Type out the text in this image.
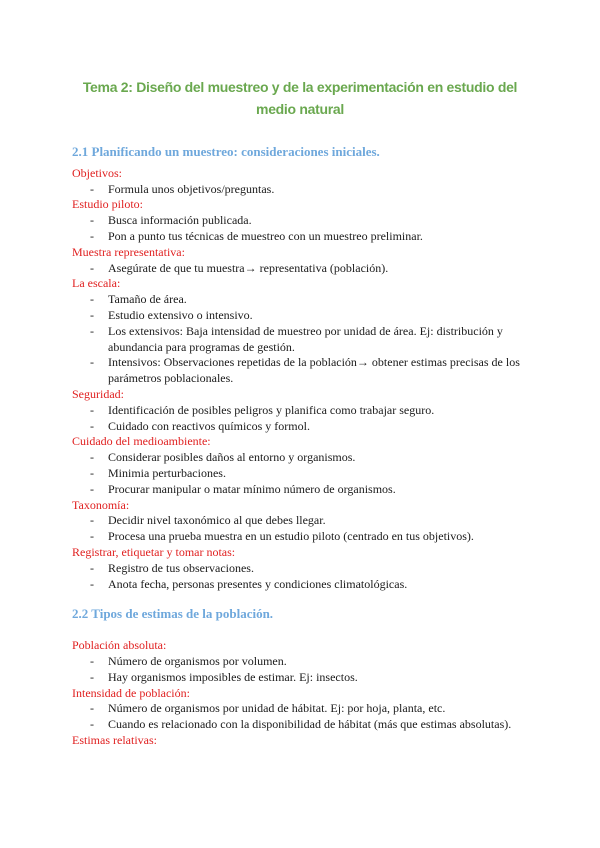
Tema 2: Diseño del muestreo y de la experimentación en estudio del medio natural
2.1 Planificando un muestreo: consideraciones iniciales.
Objetivos:
- Formula unos objetivos/preguntas.
Estudio piloto:
- Busca información publicada.
- Pon a punto tus técnicas de muestreo con un muestreo preliminar.
Muestra representativa:
- Asegúrate de que tu muestra→ representativa (población).
La escala:
- Tamaño de área.
- Estudio extensivo o intensivo.
- Los extensivos: Baja intensidad de muestreo por unidad de área. Ej: distribución y abundancia para programas de gestión.
- Intensivos: Observaciones repetidas de la población→ obtener estimas precisas de los parámetros poblacionales.
Seguridad:
- Identificación de posibles peligros y planifica como trabajar seguro.
- Cuidado con reactivos químicos y formol.
Cuidado del medioambiente:
- Considerar posibles daños al entorno y organismos.
- Minimia perturbaciones.
- Procurar manipular o matar mínimo número de organismos.
Taxonomía:
- Decidir nivel taxonómico al que debes llegar.
- Procesa una prueba muestra en un estudio piloto (centrado en tus objetivos).
Registrar, etiquetar y tomar notas:
- Registro de tus observaciones.
- Anota fecha, personas presentes y condiciones climatológicas.
2.2 Tipos de estimas de la población.
Población absoluta:
- Número de organismos por volumen.
- Hay organismos imposibles de estimar. Ej: insectos.
Intensidad de población:
- Número de organismos por unidad de hábitat. Ej: por hoja, planta, etc.
- Cuando es relacionado con la disponibilidad de hábitat (más que estimas absolutas).
Estimas relativas:
